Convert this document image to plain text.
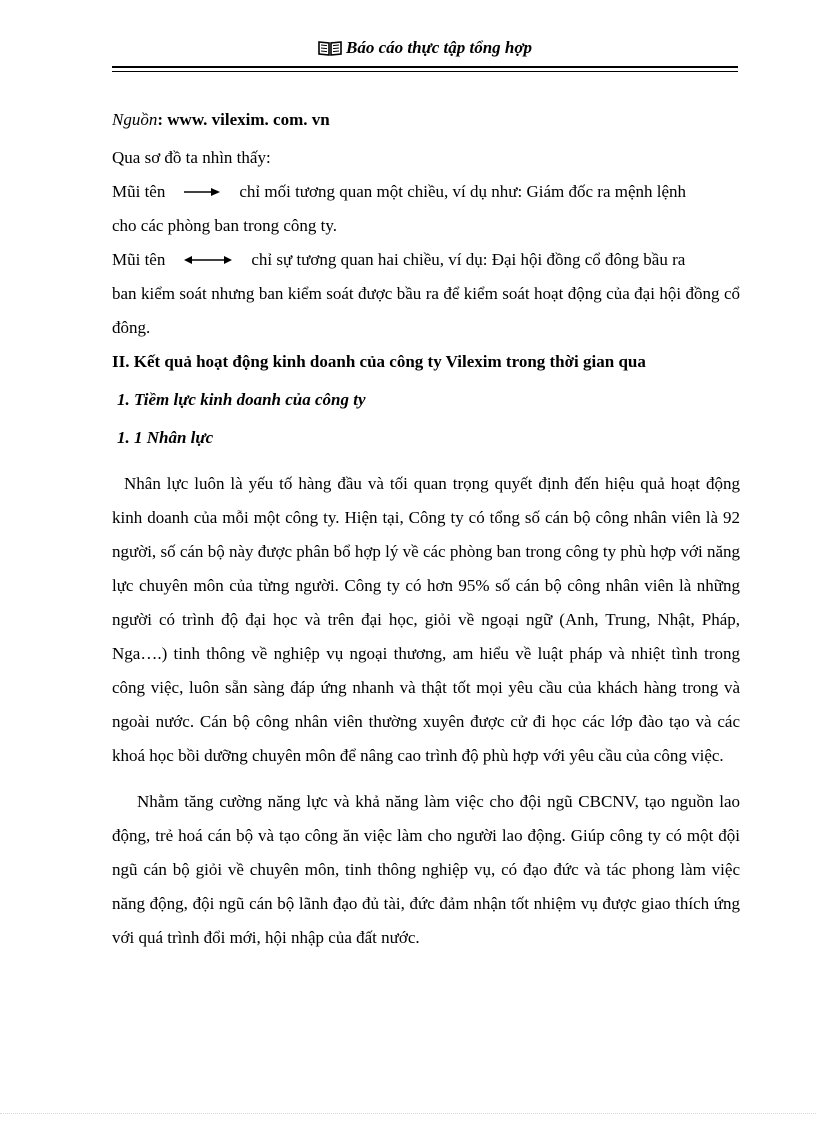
Báo cáo thực tập tổng hợp

Nguồn: www. vilexim. com. vn

Qua sơ đồ ta nhìn thấy:

Mũi tên	chỉ mối tương quan một chiều, ví dụ như: Giám đốc ra mệnh lệnh

cho các phòng ban trong công ty.

Mũi tên	chỉ sự tương quan hai chiều, ví dụ: Đại hội đồng cổ đông bầu ra

ban kiểm soát nhưng ban kiểm soát được bầu ra để kiểm soát hoạt động của đại hội đồng cổ đông.

II. Kết quả hoạt động kinh doanh của công ty Vilexim trong thời gian qua

1. Tiềm lực kinh doanh của công ty

1. 1 Nhân lực

Nhân lực luôn là yếu tố hàng đầu và tối quan trọng quyết định đến hiệu quả hoạt động kinh doanh của mỗi một công ty. Hiện tại, Công ty có tổng số cán bộ công nhân viên là 92 người, số cán bộ này được phân bổ hợp lý về các phòng ban trong công ty phù hợp với năng lực chuyên môn của từng người. Công ty có hơn 95% số cán bộ công nhân viên là những người có trình độ đại học và trên đại học, giỏi về ngoại ngữ (Anh, Trung, Nhật, Pháp, Nga….) tinh thông về nghiệp vụ ngoại thương, am hiểu về luật pháp và nhiệt tình trong công việc, luôn sẵn sàng đáp ứng nhanh và thật tốt mọi yêu cầu của khách hàng trong và ngoài nước. Cán bộ công nhân viên thường xuyên được cử đi học các lớp đào tạo và các khoá học bồi dưỡng chuyên môn để nâng cao trình độ phù hợp với yêu cầu của công việc.

Nhằm tăng cường năng lực và khả năng làm việc cho đội ngũ CBCNV, tạo nguồn lao động, trẻ hoá cán bộ và tạo công ăn việc làm cho người lao động. Giúp công ty có một đội ngũ cán bộ giỏi về chuyên môn, tinh thông nghiệp vụ, có đạo đức và tác phong làm việc năng động, đội ngũ cán bộ lãnh đạo đủ tài, đức đảm nhận tốt nhiệm vụ được giao thích ứng với quá trình đổi mới, hội nhập của đất nước.
